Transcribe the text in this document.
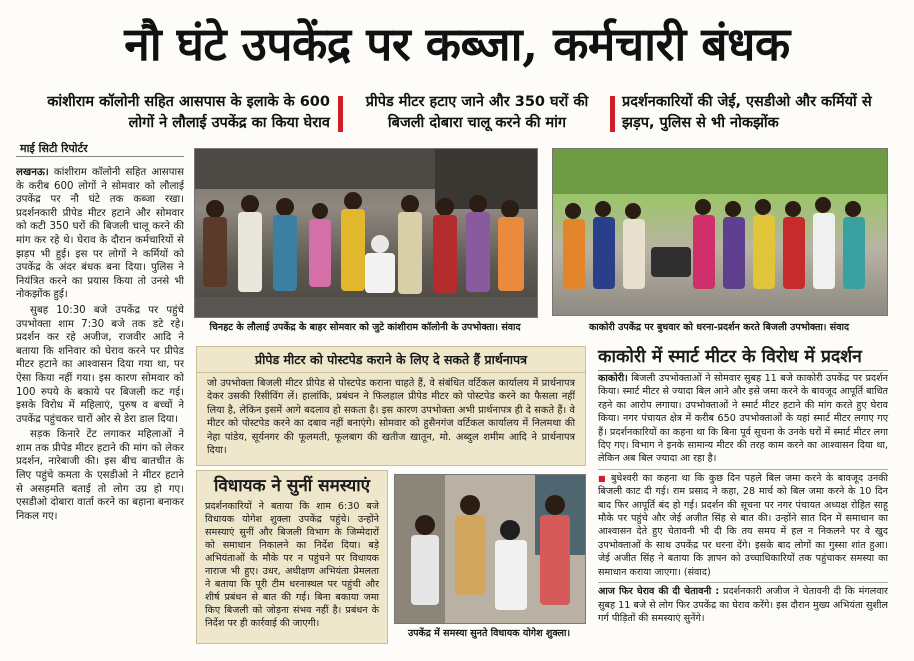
नौ घंटे उपकेंद्र पर कब्जा, कर्मचारी बंधक
कांशीराम कॉलोनी सहित आसपास के इलाके के 600 लोगों ने लौलाई उपकेंद्र का किया घेराव
प्रीपेड मीटर हटाए जाने और 350 घरों की बिजली दोबारा चालू करने की मांग
प्रदर्शनकारियों की जेई, एसडीओ और कर्मियों से झड़प, पुलिस से भी नोकझोंक
माई सिटी रिपोर्टर

लखनऊ। कांशीराम कॉलोनी सहित आसपास के करीब 600 लोगों ने सोमवार को लौलाई उपकेंद्र पर नौ घंटे तक कब्जा रखा। प्रदर्शनकारी प्रीपेड मीटर हटाने और सोमवार को कटी 350 घरों की बिजली चालू करने की मांग कर रहे थे। घेराव के दौरान कर्मचारियों से झड़प भी हुई। इस पर लोगों ने कर्मियों को उपकेंद्र के अंदर बंधक बना दिया। पुलिस ने नियंत्रित करने का प्रयास किया तो उनसे भी नोकझोंक हुई।

सुबह 10:30 बजे उपकेंद्र पर पहुंचे उपभोक्ता शाम 7:30 बजे तक डटे रहे। प्रदर्शन कर रहे अजीज, राजवीर आदि ने बताया कि शनिवार को घेराव करने पर प्रीपेड मीटर हटाने का आश्वासन दिया गया था, पर ऐसा किया नहीं गया। इस कारण सोमवार को 100 रुपये के बकाये पर बिजली कट गई। इसके विरोध में महिलाएं, पुरुष व बच्चों ने उपकेंद्र पहुंचकर चारों ओर से डेरा डाल दिया।

सड़क किनारे टेंट लगाकर महिलाओं ने शाम तक प्रीपेड मीटर हटाने की मांग को लेकर प्रदर्शन, नारेबाजी की। इस बीच बातचीत के लिए पहुंचे कमता के एसडीओ ने मीटर हटाने से असहमति बताई तो लोग उग्र हो गए। एसडीओ दोबारा वार्ता करने का बहाना बनाकर निकल गए।

चिनहट के लौलाई उपकेंद्र के बाहर सोमवार को जुटे कांशीराम कॉलोनी के उपभोक्ता। संवाद	काकोरी उपकेंद्र पर बुधवार को धरना-प्रदर्शन करते बिजली उपभोक्ता। संवाद
प्रीपेड मीटर को पोस्टपेड कराने के लिए दे सकते हैं प्रार्थनापत्र
जो उपभोक्ता बिजली मीटर प्रीपेड से पोस्टपेड कराना चाहते हैं, वे संबंधित वर्टिकल कार्यालय में प्रार्थनापत्र देकर उसकी रिसीविंग लें। हालांकि, प्रबंधन ने फिलहाल प्रीपेड मीटर को पोस्टपेड करने का फैसला नहीं लिया है, लेकिन इसमें आगे बदलाव हो सकता है। इस कारण उपभोक्ता अभी प्रार्थनापत्र ही दे सकते हैं। वे मीटर को पोस्टपेड करने का दबाव नहीं बनाएंगे। सोमवार को हुसैनगंज वर्टिकल कार्यालय में निलमथा की नेहा पांडेय, सूर्यनगर की फूलमती, फूलबाग की खतीज खातून, मो. अब्दुल शमीम आदि ने प्रार्थनापत्र दिया।
विधायक ने सुनीं समस्याएं
प्रदर्शनकारियों ने बताया कि शाम 6:30 बजे विधायक योगेश शुक्ला उपकेंद्र पहुंचे। उन्होंने समस्याएं सुनीं और बिजली विभाग के जिम्मेदारों को समाधान निकालने का निर्देश दिया। बड़े अभियंताओं के मौके पर न पहुंचने पर विधायक नाराज भी हुए। उधर, अधीक्षण अभियंता प्रेमलता ने बताया कि पूरी टीम धरनास्थल पर पहुंची और शीर्ष प्रबंधन से बात की गई। बिना बकाया जमा किए बिजली को जोड़ना संभव नहीं है। प्रबंधन के निर्देश पर ही कार्रवाई की जाएगी।
उपकेंद्र में समस्या सुनते विधायक योगेश शुक्ला।
काकोरी में स्मार्ट मीटर के विरोध में प्रदर्शन

काकोरी। बिजली उपभोक्ताओं ने सोमवार सुबह 11 बजे काकोरी उपकेंद्र पर प्रदर्शन किया। स्मार्ट मीटर से ज्यादा बिल आने और इसे जमा करने के बावजूद आपूर्ति बाधित रहने का आरोप लगाया। उपभोक्ताओं ने स्मार्ट मीटर हटाने की मांग करते हुए घेराव किया। नगर पंचायत क्षेत्र में करीब 650 उपभोक्ताओं के यहां स्मार्ट मीटर लगाए गए हैं। प्रदर्शनकारियों का कहना था कि बिना पूर्व सूचना के उनके घरों में स्मार्ट मीटर लगा दिए गए। विभाग ने इनके सामान्य मीटर की तरह काम करने का आश्वासन दिया था, लेकिन अब बिल ज्यादा आ रहा है।

■ बुधेश्वरी का कहना था कि कुछ दिन पहले बिल जमा करने के बावजूद उनकी बिजली काट दी गई। राम प्रसाद ने कहा, 28 मार्च को बिल जमा करने के 10 दिन बाद फिर आपूर्ति बंद हो गई। प्रदर्शन की सूचना पर नगर पंचायत अध्यक्ष रोहित साहू मौके पर पहुंचे और जेई अजीत सिंह से बात की। उन्होंने सात दिन में समाधान का आश्वासन देते हुए चेतावनी भी दी कि तय समय में हल न निकलने पर वे खुद उपभोक्ताओं के साथ उपकेंद्र पर धरना देंगे। इसके बाद लोगों का गुस्सा शांत हुआ। जेई अजीत सिंह ने बताया कि ज्ञापन को उच्चाधिकारियों तक पहुंचाकर समस्या का समाधान कराया जाएगा। (संवाद)

आज फिर घेराव की दी चेतावनी : प्रदर्शनकारी अजीज ने चेतावनी दी कि मंगलवार सुबह 11 बजे से लोग फिर उपकेंद्र का घेराव करेंगे। इस दौरान मुख्य अभियंता सुशील गर्ग पीड़ितों की समस्याएं सुनेंगे।
